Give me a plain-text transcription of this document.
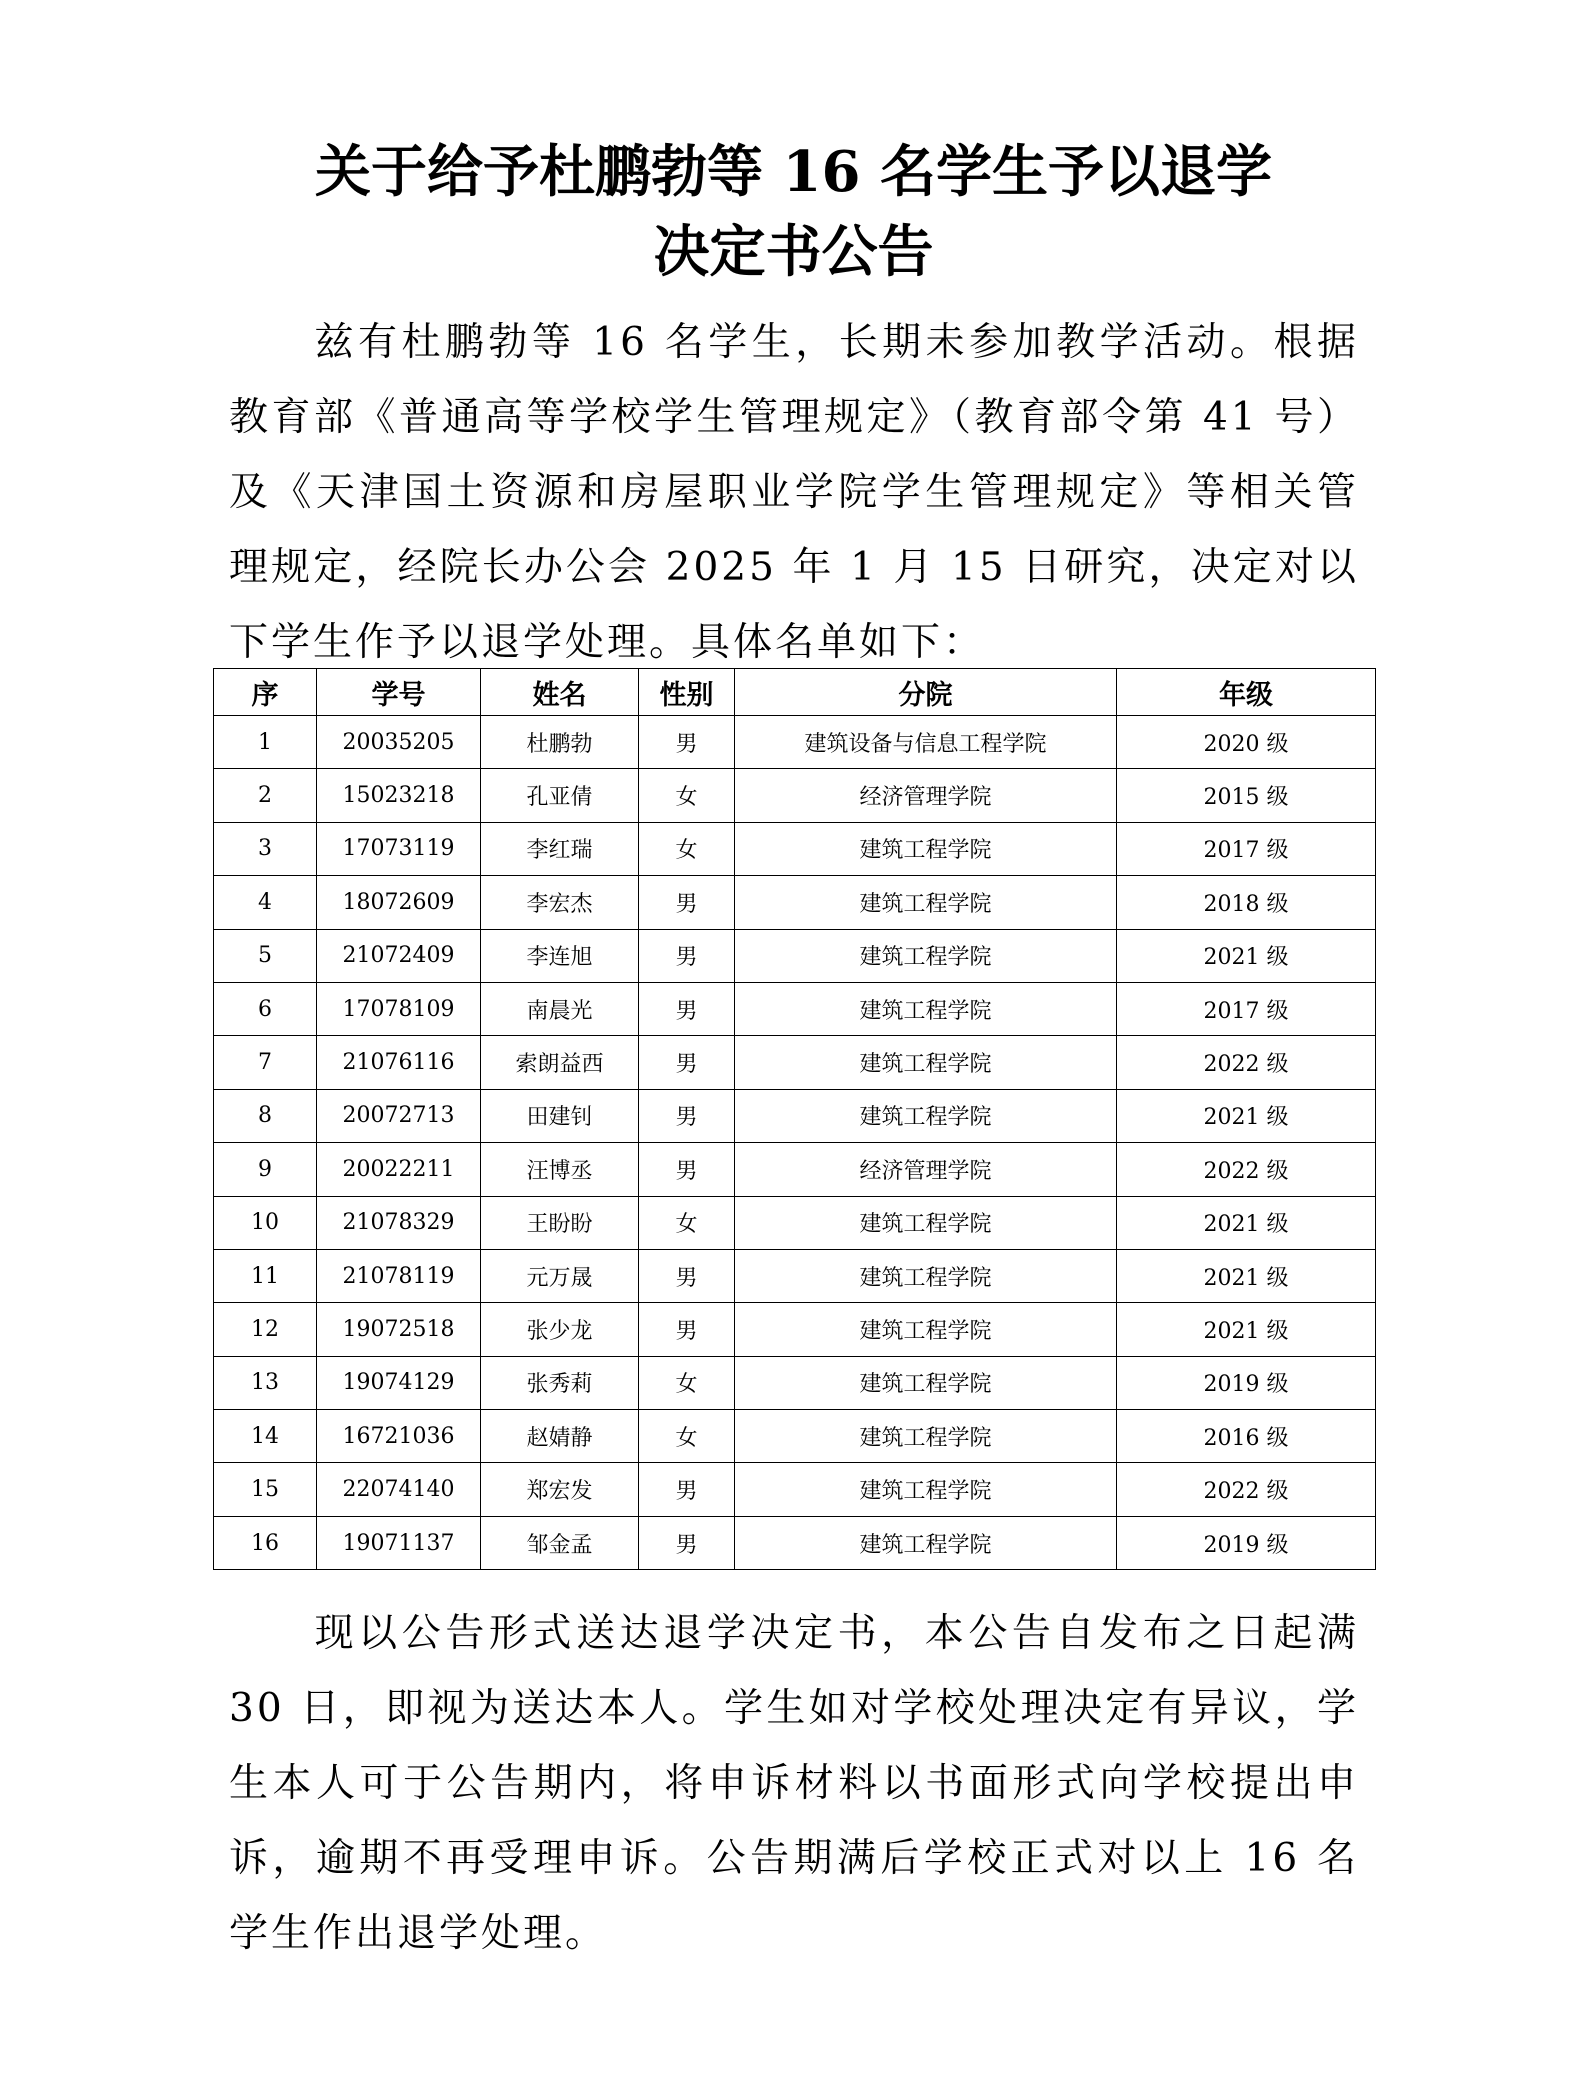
关于给予杜鹏勃等 16 名学生予以退学
决定书公告

兹有杜鹏勃等 16 名学生，长期未参加教学活动。根据教育部《普通高等学校学生管理规定》（教育部令第 41 号）及《天津国土资源和房屋职业学院学生管理规定》等相关管理规定，经院长办公会 2025 年 1 月 15 日研究，决定对以下学生作予以退学处理。具体名单如下：

序	学号	姓名	性别	分院	年级
1	20035205	杜鹏勃	男	建筑设备与信息工程学院	2020 级
2	15023218	孔亚倩	女	经济管理学院	2015 级
3	17073119	李红瑞	女	建筑工程学院	2017 级
4	18072609	李宏杰	男	建筑工程学院	2018 级
5	21072409	李连旭	男	建筑工程学院	2021 级
6	17078109	南晨光	男	建筑工程学院	2017 级
7	21076116	索朗益西	男	建筑工程学院	2022 级
8	20072713	田建钊	男	建筑工程学院	2021 级
9	20022211	汪博丞	男	经济管理学院	2022 级
10	21078329	王盼盼	女	建筑工程学院	2021 级
11	21078119	元万晟	男	建筑工程学院	2021 级
12	19072518	张少龙	男	建筑工程学院	2021 级
13	19074129	张秀莉	女	建筑工程学院	2019 级
14	16721036	赵婧静	女	建筑工程学院	2016 级
15	22074140	郑宏发	男	建筑工程学院	2022 级
16	19071137	邹金孟	男	建筑工程学院	2019 级

现以公告形式送达退学决定书，本公告自发布之日起满 30 日，即视为送达本人。学生如对学校处理决定有异议，学生本人可于公告期内，将申诉材料以书面形式向学校提出申诉，逾期不再受理申诉。公告期满后学校正式对以上 16 名学生作出退学处理。
